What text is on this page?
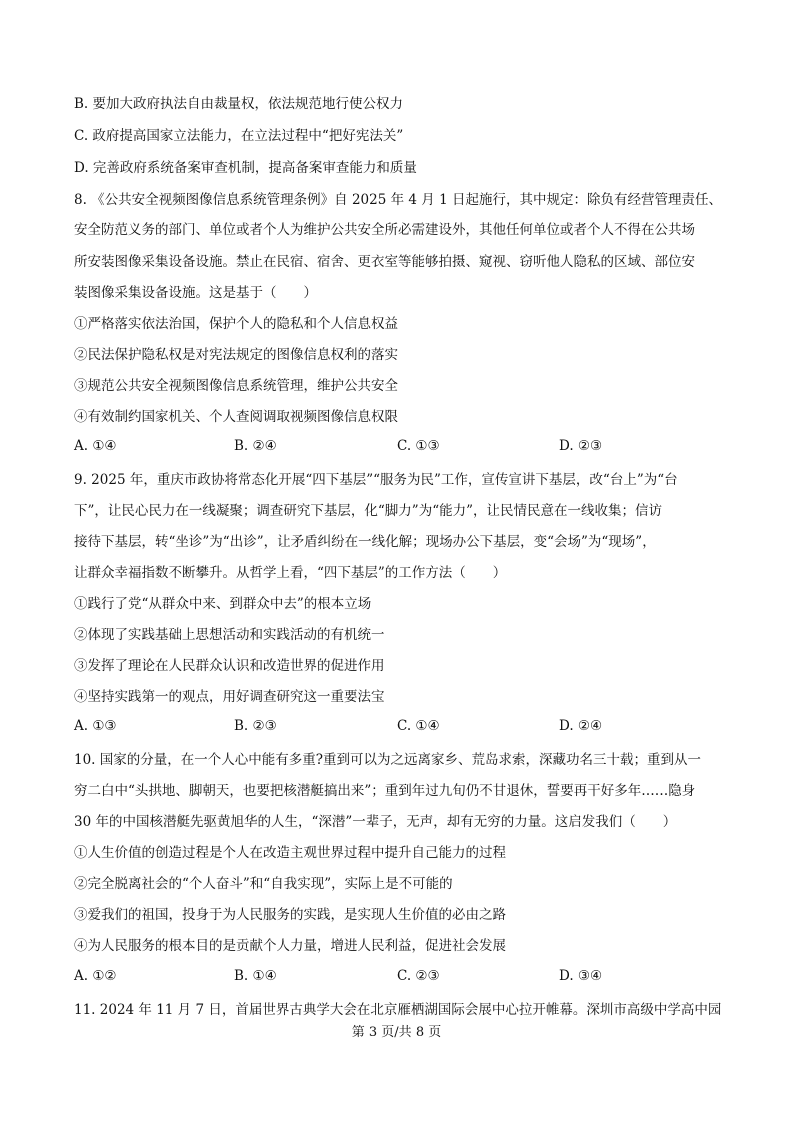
B. 要加大政府执法自由裁量权，依法规范地行使公权力
C. 政府提高国家立法能力，在立法过程中“把好宪法关”
D. 完善政府系统备案审查机制，提高备案审查能力和质量
8. 《公共安全视频图像信息系统管理条例》自 2025 年 4 月 1 日起施行，其中规定：除负有经营管理责任、
安全防范义务的部门、单位或者个人为维护公共安全所必需建设外，其他任何单位或者个人不得在公共场
所安装图像采集设备设施。禁止在民宿、宿舍、更衣室等能够拍摄、窥视、窃听他人隐私的区域、部位安
装图像采集设备设施。这是基于（　　）
①严格落实依法治国，保护个人的隐私和个人信息权益
②民法保护隐私权是对宪法规定的图像信息权利的落实
③规范公共安全视频图像信息系统管理，维护公共安全
④有效制约国家机关、个人查阅调取视频图像信息权限
A. ①④	B. ②④	C. ①③	D. ②③
9. 2025 年，重庆市政协将常态化开展“四下基层”“服务为民”工作，宣传宣讲下基层，改“台上”为“台
下”，让民心民力在一线凝聚；调查研究下基层，化“脚力”为“能力”，让民情民意在一线收集；信访
接待下基层，转“坐诊”为“出诊”，让矛盾纠纷在一线化解；现场办公下基层，变“会场”为“现场”，
让群众幸福指数不断攀升。从哲学上看，“四下基层”的工作方法（　　）
①践行了党“从群众中来、到群众中去”的根本立场
②体现了实践基础上思想活动和实践活动的有机统一
③发挥了理论在人民群众认识和改造世界的促进作用
④坚持实践第一的观点，用好调查研究这一重要法宝
A. ①③	B. ②③	C. ①④	D. ②④
10. 国家的分量，在一个人心中能有多重?重到可以为之远离家乡、荒岛求索，深藏功名三十载；重到从一
穷二白中“头拱地、脚朝天，也要把核潜艇搞出来”；重到年过九旬仍不甘退休，誓要再干好多年……隐身
30 年的中国核潜艇先驱黄旭华的人生，“深潜”一辈子，无声，却有无穷的力量。这启发我们（　　）
①人生价值的创造过程是个人在改造主观世界过程中提升自己能力的过程
②完全脱离社会的“个人奋斗”和“自我实现”，实际上是不可能的
③爱我们的祖国，投身于为人民服务的实践，是实现人生价值的必由之路
④为人民服务的根本目的是贡献个人力量，增进人民利益，促进社会发展
A. ①②	B. ①④	C. ②③	D. ③④
11. 2024 年 11 月 7 日，首届世界古典学大会在北京雁栖湖国际会展中心拉开帷幕。深圳市高级中学高中园
第 3 页/共 8 页
